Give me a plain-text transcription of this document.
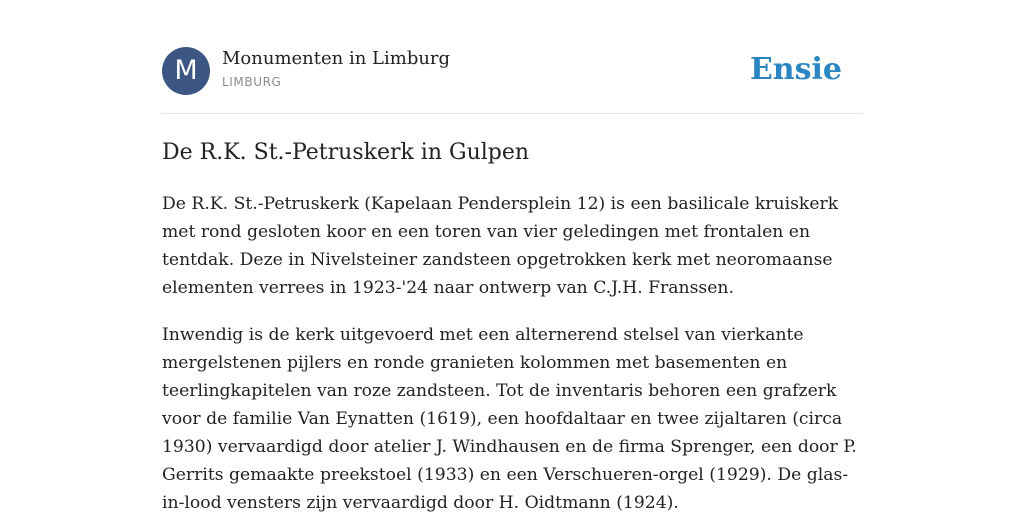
M	Monumenten in Limburg
LIMBURG	Ensie
De R.K. St.-Petruskerk in Gulpen

De R.K. St.-Petruskerk (Kapelaan Pendersplein 12) is een basilicale kruiskerk met rond gesloten koor en een toren van vier geledingen met frontalen en tentdak. Deze in Nivelsteiner zandsteen opgetrokken kerk met neoromaanse elementen verrees in 1923-'24 naar ontwerp van C.J.H. Franssen.

Inwendig is de kerk uitgevoerd met een alternerend stelsel van vierkante mergelstenen pijlers en ronde granieten kolommen met basementen en teerlingkapitelen van roze zandsteen. Tot de inventaris behoren een grafzerk voor de familie Van Eynatten (1619), een hoofdaltaar en twee zijaltaren (circa 1930) vervaardigd door atelier J. Windhausen en de firma Sprenger, een door P. Gerrits gemaakte preekstoel (1933) en een Verschueren-orgel (1929). De glas-in-lood vensters zijn vervaardigd door H. Oidtmann (1924).
